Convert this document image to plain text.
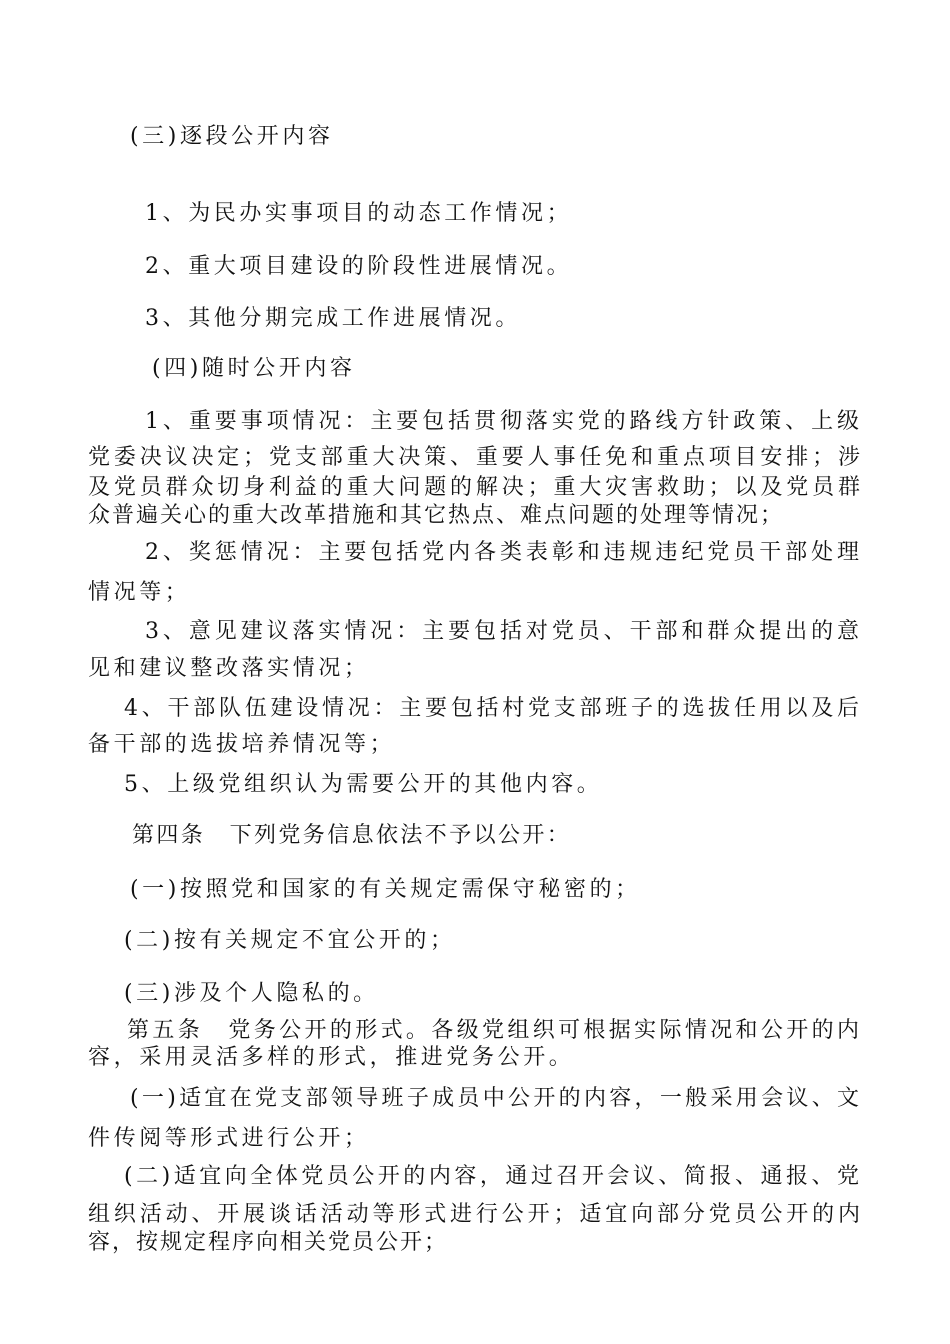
(三)逐段公开内容
1、为民办实事项目的动态工作情况；
2、重大项目建设的阶段性进展情况。
3、其他分期完成工作进展情况。
(四)随时公开内容
1、重要事项情况：主要包括贯彻落实党的路线方针政策、上级
党委决议决定；党支部重大决策、重要人事任免和重点项目安排；涉
及党员群众切身利益的重大问题的解决；重大灾害救助；以及党员群
众普遍关心的重大改革措施和其它热点、难点问题的处理等情况；
2、奖惩情况：主要包括党内各类表彰和违规违纪党员干部处理
情况等；
3、意见建议落实情况：主要包括对党员、干部和群众提出的意
见和建议整改落实情况；
4、干部队伍建设情况：主要包括村党支部班子的选拔任用以及后
备干部的选拔培养情况等；
5、上级党组织认为需要公开的其他内容。
第四条　下列党务信息依法不予以公开：
(一)按照党和国家的有关规定需保守秘密的；
(二)按有关规定不宜公开的；
(三)涉及个人隐私的。
第五条　党务公开的形式。各级党组织可根据实际情况和公开的内
容，采用灵活多样的形式，推进党务公开。
(一)适宜在党支部领导班子成员中公开的内容，一般采用会议、文
件传阅等形式进行公开；
(二)适宜向全体党员公开的内容，通过召开会议、简报、通报、党
组织活动、开展谈话活动等形式进行公开；适宜向部分党员公开的内
容，按规定程序向相关党员公开；
